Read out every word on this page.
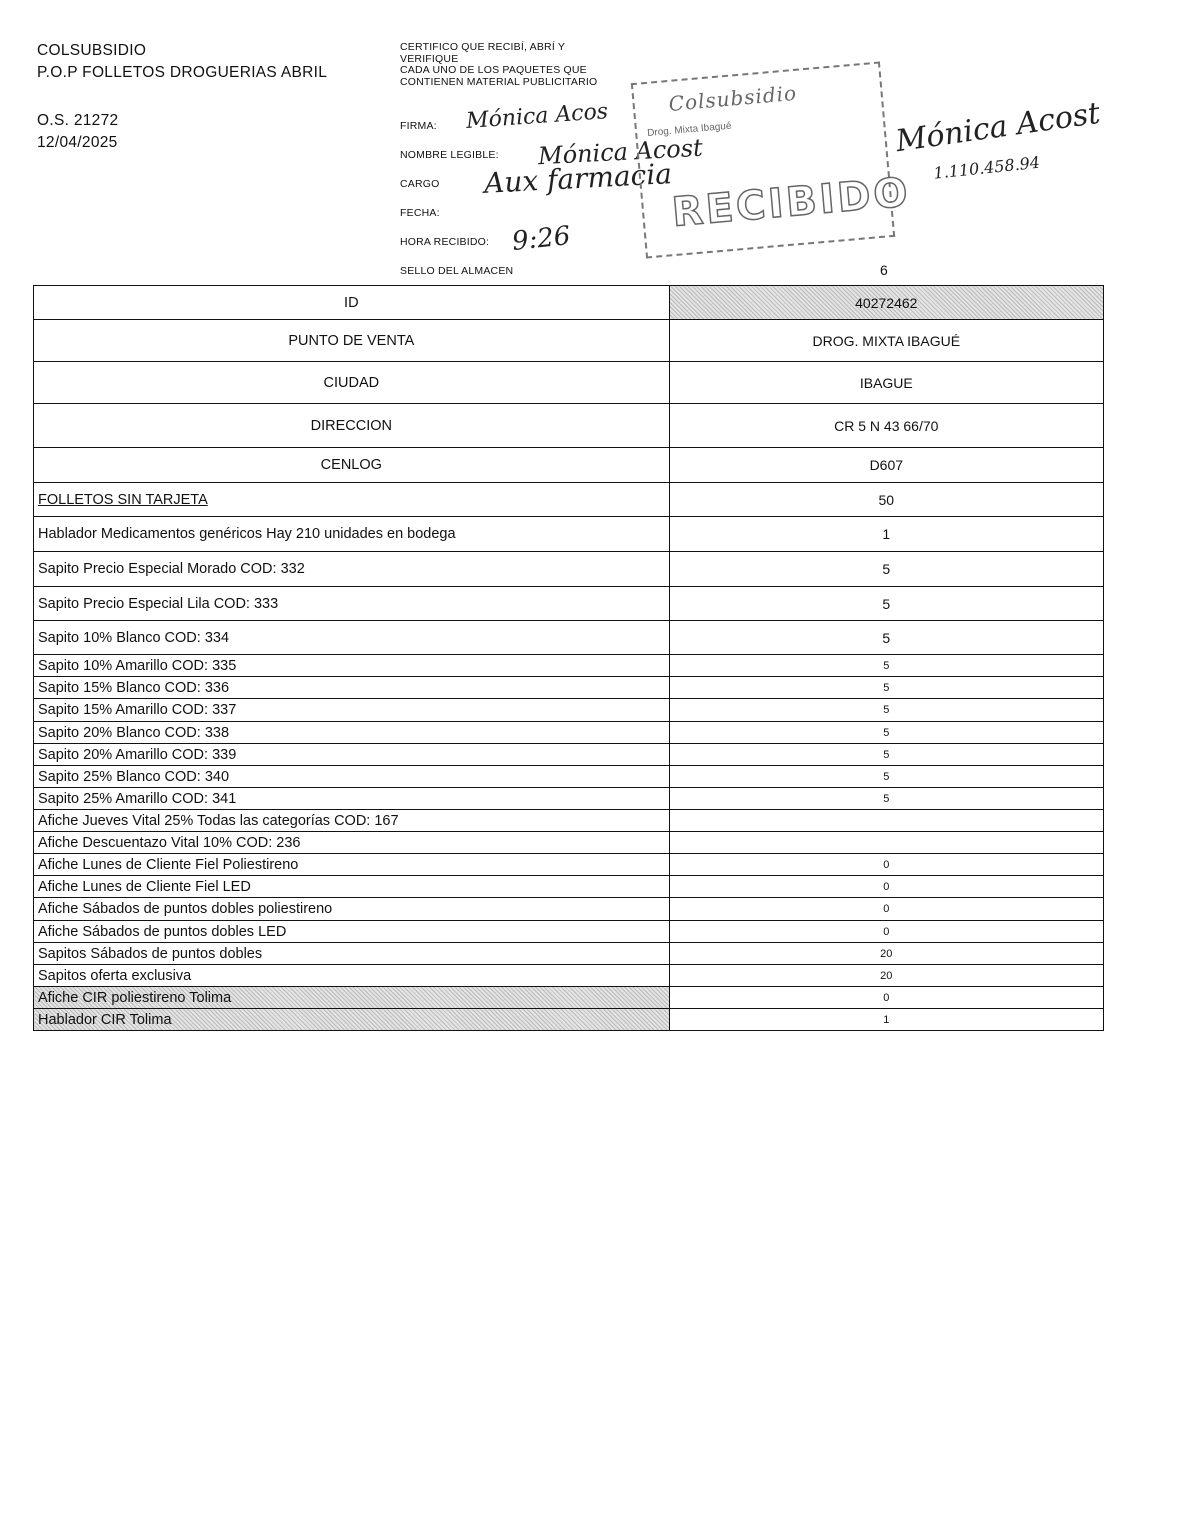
COLSUBSIDIO
P.O.P FOLLETOS DROGUERIAS ABRIL
O.S. 21272
12/04/2025
CERTIFICO QUE RECIBÍ, ABRÍ Y
VERIFIQUE
CADA UNO DE LOS PAQUETES QUE
CONTIENEN MATERIAL PUBLICITARIO
FIRMA:
NOMBRE LEGIBLE:
CARGO
FECHA:
HORA RECIBIDO:
SELLO DEL ALMACEN
Mónica Acos
Mónica Acost
Aux farmacia
9:26
Colsubsidio
Drog. Mixta Ibagué
RECIBIDO
Mónica Acost
1.110.458.94
6
ID	40272462
PUNTO DE VENTA	DROG. MIXTA IBAGUÉ
CIUDAD	IBAGUE
DIRECCION	CR 5 N 43 66/70
CENLOG	D607
FOLLETOS SIN TARJETA	50
Hablador Medicamentos genéricos Hay 210 unidades en bodega	1
Sapito Precio Especial Morado COD: 332	5
Sapito Precio Especial Lila COD: 333	5
Sapito 10% Blanco COD: 334	5
Sapito 10% Amarillo COD: 335	5
Sapito 15% Blanco COD: 336	5
Sapito 15% Amarillo COD: 337	5
Sapito 20% Blanco COD: 338	5
Sapito 20% Amarillo COD: 339	5
Sapito 25% Blanco COD: 340	5
Sapito 25% Amarillo COD: 341	5
Afiche Jueves Vital 25% Todas las categorías COD: 167	
Afiche Descuentazo Vital 10% COD: 236	
Afiche Lunes de Cliente Fiel Poliestireno	0
Afiche Lunes de Cliente Fiel LED	0
Afiche Sábados de puntos dobles poliestireno	0
Afiche Sábados de puntos dobles LED	0
Sapitos Sábados de puntos dobles	20
Sapitos oferta exclusiva	20
Afiche CIR poliestireno Tolima	0
Hablador CIR Tolima	1
